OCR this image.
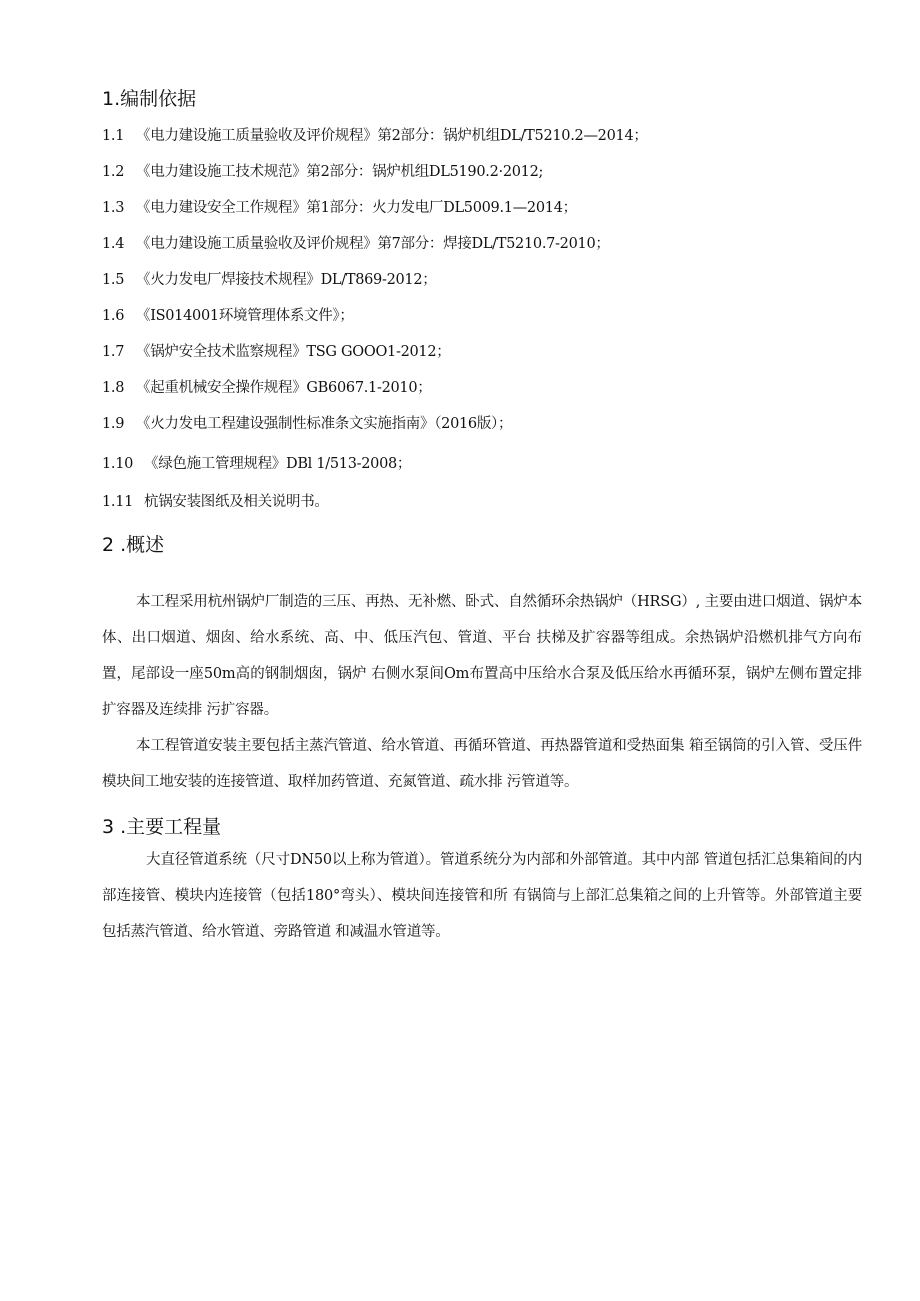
1.编制依据
1.1 《电力建设施工质量验收及评价规程》第2部分：锅炉机组DL/T5210.2—2014；
1.2 《电力建设施工技术规范》第2部分：锅炉机组DL5190.2·2012;
1.3 《电力建设安全工作规程》第1部分：火力发电厂DL5009.1—2014；
1.4 《电力建设施工质量验收及评价规程》第7部分：焊接DL/T5210.7-2010；
1.5 《火力发电厂焊接技术规程》DL/T869-2012；
1.6 《IS014001环境管理体系文件》；
1.7 《锅炉安全技术监察规程》TSG GOOO1-2012；
1.8 《起重机械安全操作规程》GB6067.1-2010；
1.9 《火力发电工程建设强制性标准条文实施指南》（2016版）；
1.10 《绿色施工管理规程》DBl 1/513-2008；
1.11 杭锅安装图纸及相关说明书。
2 .概述
本工程采用杭州锅炉厂制造的三压、再热、无补燃、卧式、自然循环余热锅炉（HRSG）, 主要由进口烟道、锅炉本体、出口烟道、烟囱、给水系统、高、中、低压汽包、管道、平台 扶梯及扩容器等组成。余热锅炉沿燃机排气方向布置，尾部设一座50m高的钢制烟囱，锅炉 右侧水泵间Om布置高中压给水合泵及低压给水再循环泵，锅炉左侧布置定排扩容器及连续排 污扩容器。
本工程管道安装主要包括主蒸汽管道、给水管道、再循环管道、再热器管道和受热面集 箱至锅筒的引入管、受压件模块间工地安装的连接管道、取样加药管道、充氮管道、疏水排 污管道等。
3 .主要工程量
大直径管道系统（尺寸DN50以上称为管道）。管道系统分为内部和外部管道。其中内部 管道包括汇总集箱间的内部连接管、模块内连接管（包括180°弯头）、模块间连接管和所 有锅筒与上部汇总集箱之间的上升管等。外部管道主要包括蒸汽管道、给水管道、旁路管道 和减温水管道等。
